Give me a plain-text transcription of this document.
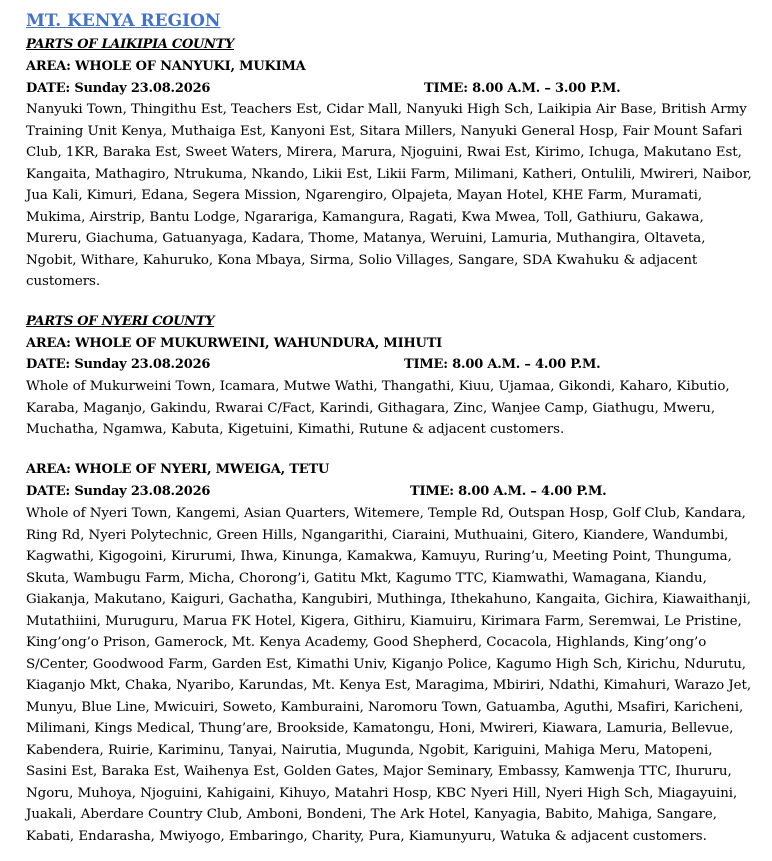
MT. KENYA REGION
PARTS OF LAIKIPIA COUNTY
AREA: WHOLE OF NANYUKI, MUKIMA
DATE: Sunday 23.08.2026	TIME: 8.00 A.M. – 3.00 P.M.
Nanyuki Town, Thingithu Est, Teachers Est, Cidar Mall, Nanyuki High Sch, Laikipia Air Base, British Army Training Unit Kenya, Muthaiga Est, Kanyoni Est, Sitara Millers, Nanyuki General Hosp, Fair Mount Safari Club, 1KR, Baraka Est, Sweet Waters, Mirera, Marura, Njoguini, Rwai Est, Kirimo, Ichuga, Makutano Est, Kangaita, Mathagiro, Ntrukuma, Nkando, Likii Est, Likii Farm, Milimani, Katheri, Ontulili, Mwireri, Naibor, Jua Kali, Kimuri, Edana, Segera Mission, Ngarengiro, Olpajeta, Mayan Hotel, KHE Farm, Muramati, Mukima, Airstrip, Bantu Lodge, Ngarariga, Kamangura, Ragati, Kwa Mwea, Toll, Gathiuru, Gakawa, Mureru, Giachuma, Gatuanyaga, Kadara, Thome, Matanya, Weruini, Lamuria, Muthangira, Oltaveta, Ngobit, Withare, Kahuruko, Kona Mbaya, Sirma, Solio Villages, Sangare, SDA Kwahuku & adjacent customers.
PARTS OF NYERI COUNTY
AREA: WHOLE OF MUKURWEINI, WAHUNDURA, MIHUTI
DATE: Sunday 23.08.2026	TIME: 8.00 A.M. – 4.00 P.M.
Whole of Mukurweini Town, Icamara, Mutwe Wathi, Thangathi, Kiuu, Ujamaa, Gikondi, Kaharo, Kibutio, Karaba, Maganjo, Gakindu, Rwarai C/Fact, Karindi, Githagara, Zinc, Wanjee Camp, Giathugu, Mweru, Muchatha, Ngamwa, Kabuta, Kigetuini, Kimathi, Rutune & adjacent customers.
AREA: WHOLE OF NYERI, MWEIGA, TETU
DATE: Sunday 23.08.2026	TIME: 8.00 A.M. – 4.00 P.M.
Whole of Nyeri Town, Kangemi, Asian Quarters, Witemere, Temple Rd, Outspan Hosp, Golf Club, Kandara, Ring Rd, Nyeri Polytechnic, Green Hills, Ngangarithi, Ciaraini, Muthuaini, Gitero, Kiandere, Wandumbi, Kagwathi, Kigogoini, Kirurumi, Ihwa, Kinunga, Kamakwa, Kamuyu, Ruring’u, Meeting Point, Thunguma, Skuta, Wambugu Farm, Micha, Chorong’i, Gatitu Mkt, Kagumo TTC, Kiamwathi, Wamagana, Kiandu, Giakanja, Makutano, Kaiguri, Gachatha, Kangubiri, Muthinga, Ithekahuno, Kangaita, Gichira, Kiawaithanji, Mutathiini, Muruguru, Marua FK Hotel, Kigera, Githiru, Kiamuiru, Kirimara Farm, Seremwai, Le Pristine, King’ong’o Prison, Gamerock, Mt. Kenya Academy, Good Shepherd, Cocacola, Highlands, King’ong’o S/Center, Goodwood Farm, Garden Est, Kimathi Univ, Kiganjo Police, Kagumo High Sch, Kirichu, Ndurutu, Kiaganjo Mkt, Chaka, Nyaribo, Karundas, Mt. Kenya Est, Maragima, Mbiriri, Ndathi, Kimahuri, Warazo Jet, Munyu, Blue Line, Mwicuiri, Soweto, Kamburaini, Naromoru Town, Gatuamba, Aguthi, Msafiri, Karicheni, Milimani, Kings Medical, Thung’are, Brookside, Kamatongu, Honi, Mwireri, Kiawara, Lamuria, Bellevue, Kabendera, Ruirie, Kariminu, Tanyai, Nairutia, Mugunda, Ngobit, Kariguini, Mahiga Meru, Matopeni, Sasini Est, Baraka Est, Waihenya Est, Golden Gates, Major Seminary, Embassy, Kamwenja TTC, Ihururu, Ngoru, Muhoya, Njoguini, Kahigaini, Kihuyo, Matahri Hosp, KBC Nyeri Hill, Nyeri High Sch, Miagayuini, Juakali, Aberdare Country Club, Amboni, Bondeni, The Ark Hotel, Kanyagia, Babito, Mahiga, Sangare, Kabati, Endarasha, Mwiyogo, Embaringo, Charity, Pura, Kiamunyuru, Watuka & adjacent customers.
